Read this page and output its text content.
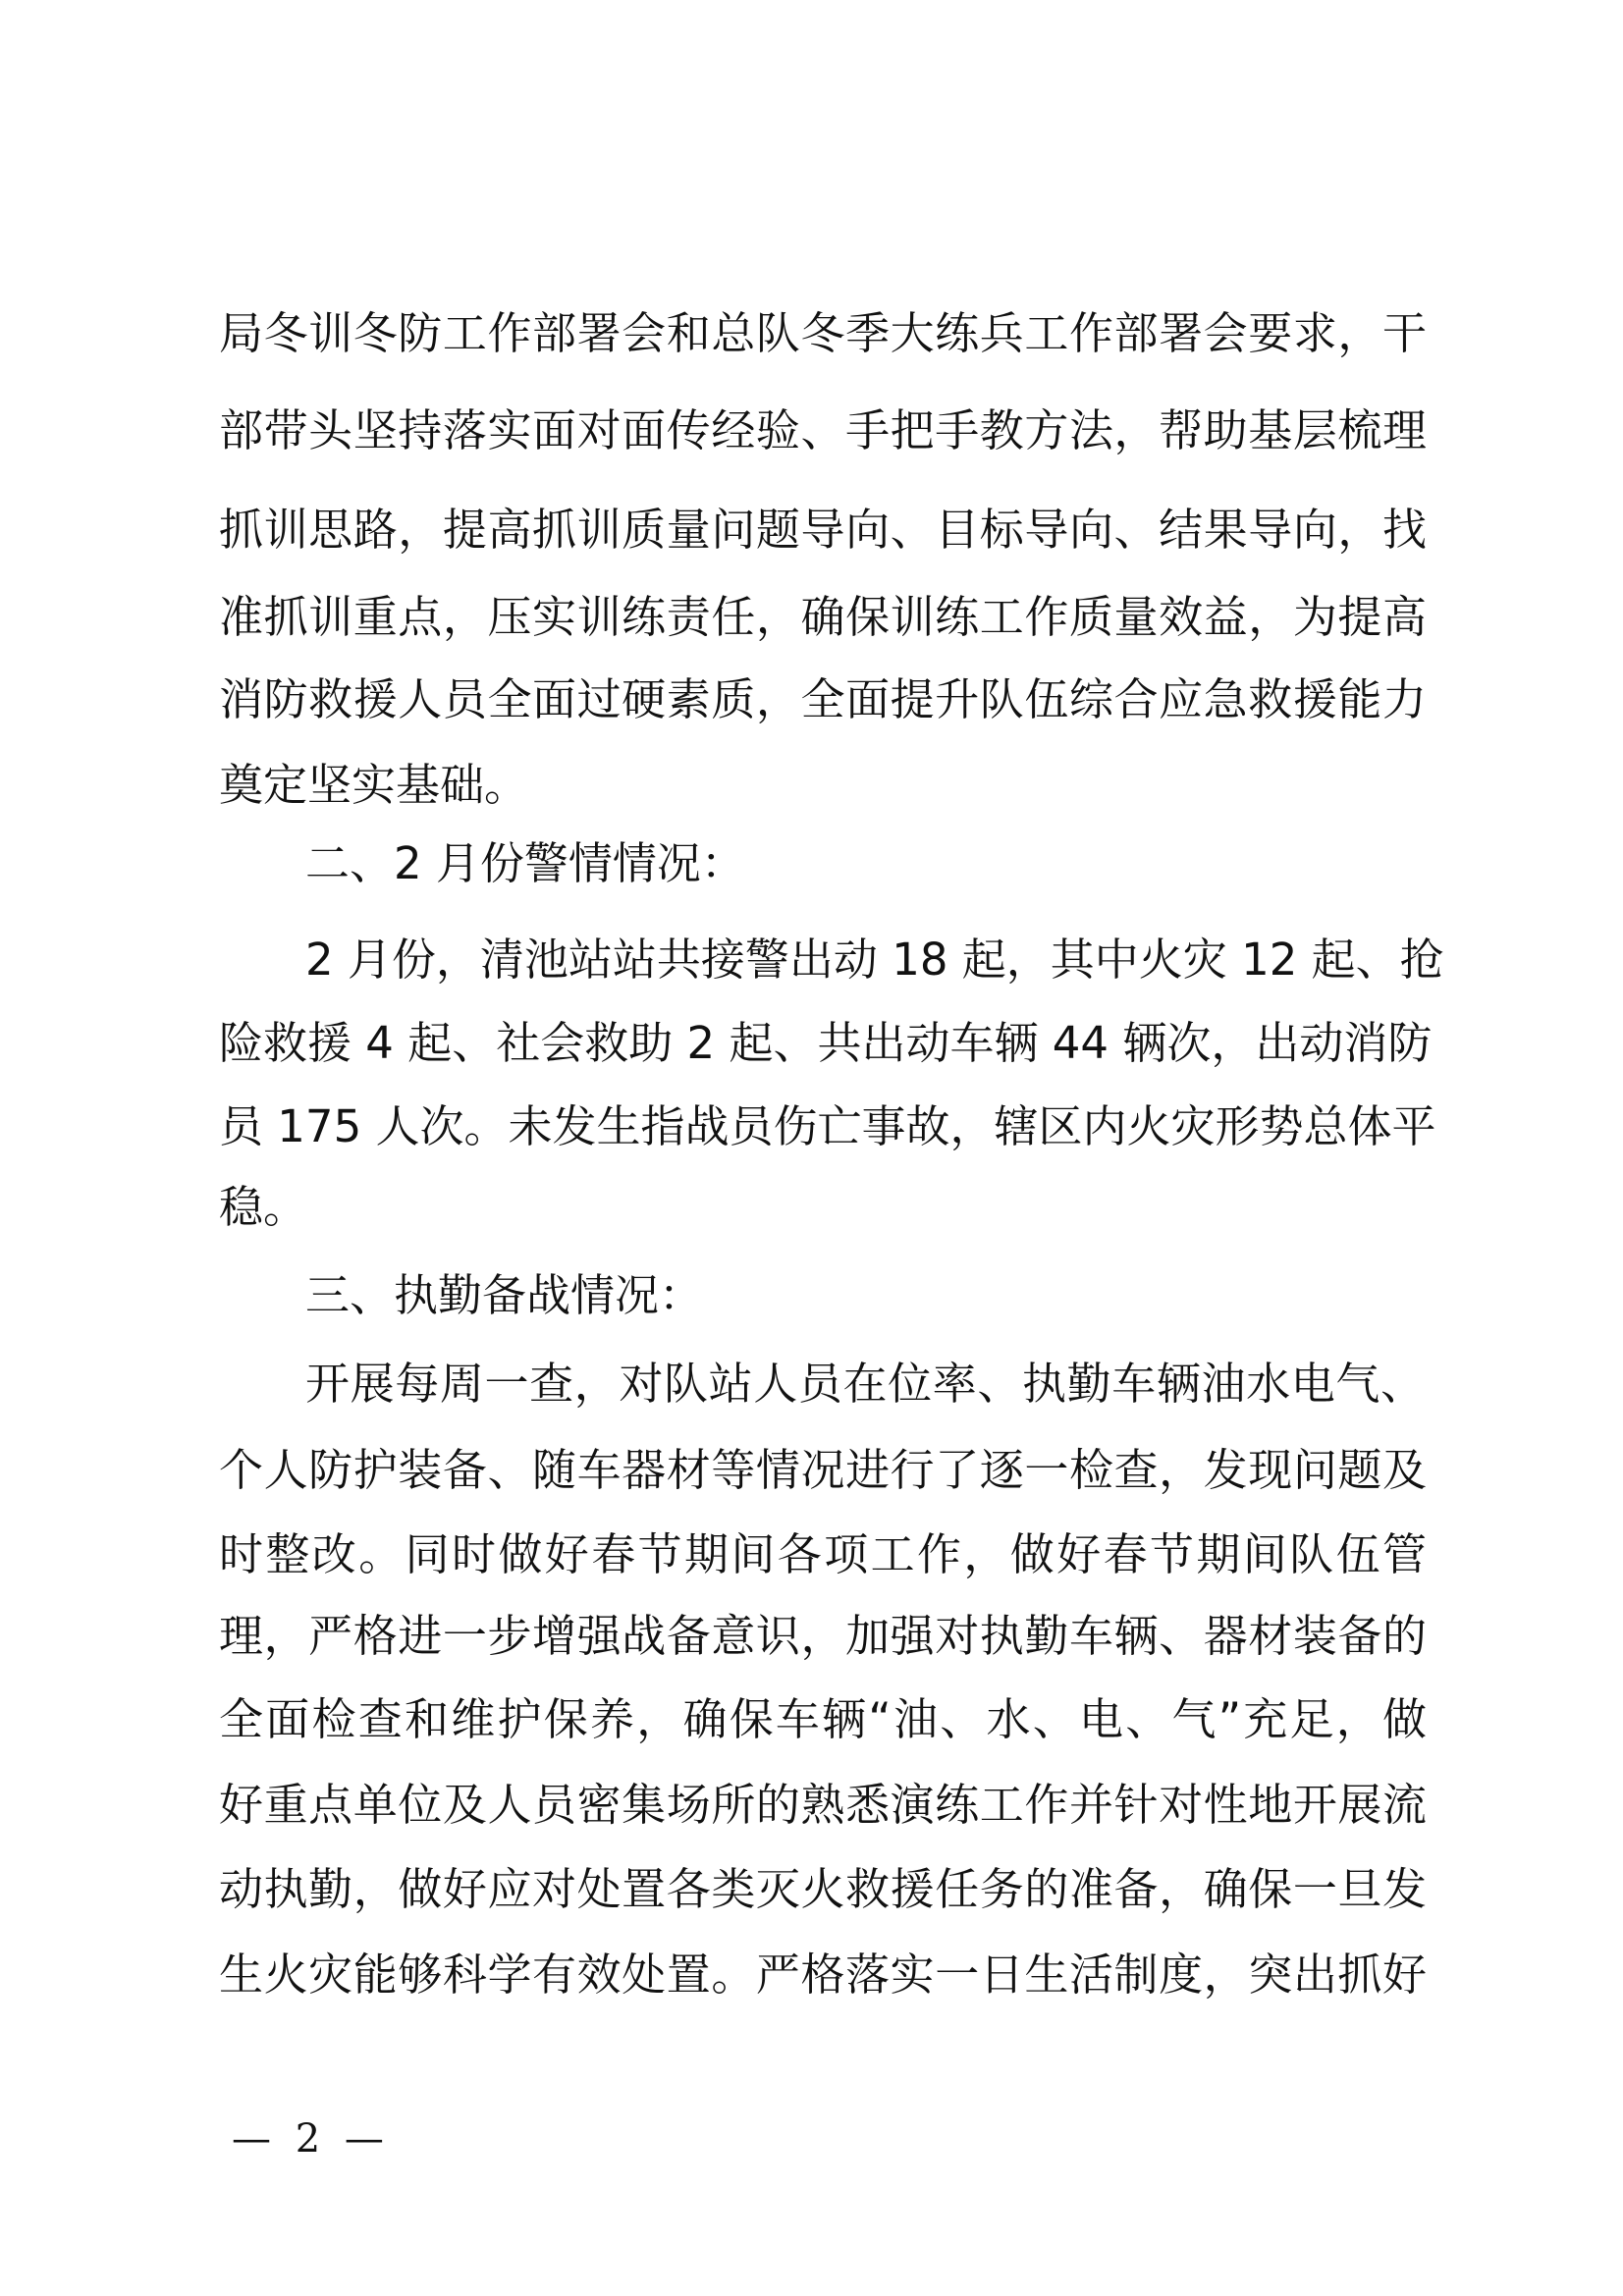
局冬训冬防工作部署会和总队冬季大练兵工作部署会要求，干
部带头坚持落实面对面传经验、手把手教方法，帮助基层梳理
抓训思路，提高抓训质量问题导向、目标导向、结果导向，找
准抓训重点，压实训练责任，确保训练工作质量效益，为提高
消防救援人员全面过硬素质，全面提升队伍综合应急救援能力
奠定坚实基础。
二、2 月份警情情况：
2 月份，清池站站共接警出动 18 起，其中火灾 12 起、抢
险救援 4 起、社会救助 2 起、共出动车辆 44 辆次，出动消防
员 175 人次。未发生指战员伤亡事故，辖区内火灾形势总体平
稳。
三、执勤备战情况：
开展每周一查，对队站人员在位率、执勤车辆油水电气、
个人防护装备、随车器材等情况进行了逐一检查，发现问题及
时整改。同时做好春节期间各项工作，做好春节期间队伍管
理，严格进一步增强战备意识，加强对执勤车辆、器材装备的
全面检查和维护保养，确保车辆“油、水、电、气”充足，做
好重点单位及人员密集场所的熟悉演练工作并针对性地开展流
动执勤，做好应对处置各类灭火救援任务的准备，确保一旦发
生火灾能够科学有效处置。严格落实一日生活制度，突出抓好
— 2 —
